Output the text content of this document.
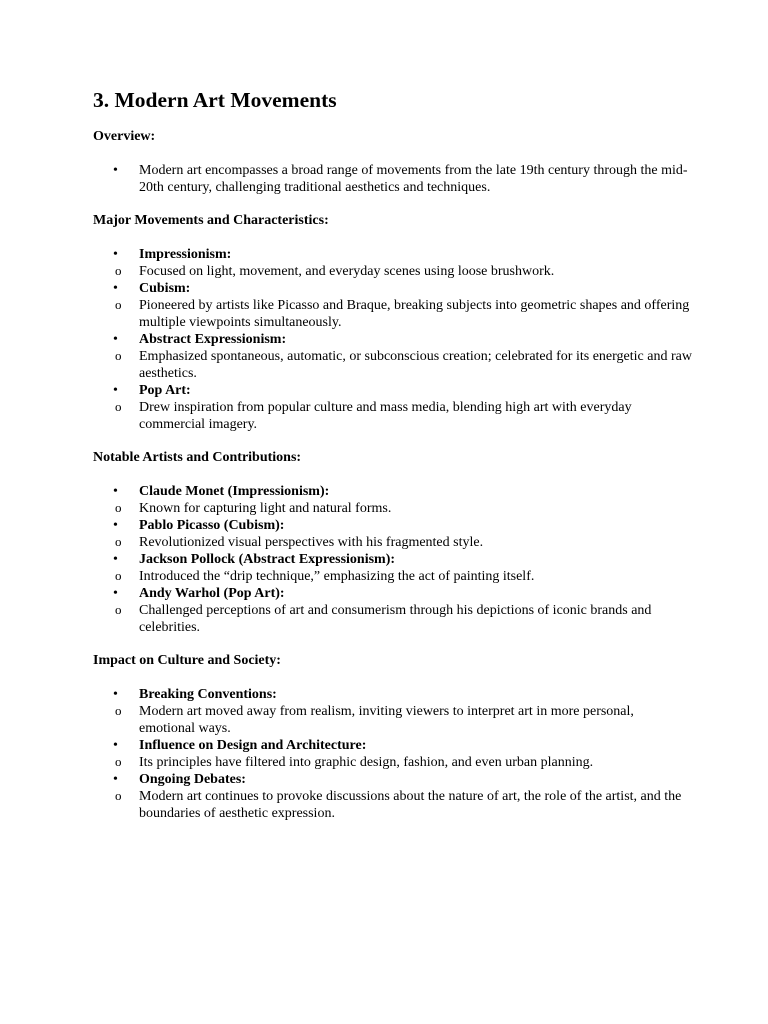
3. Modern Art Movements
Overview:
• Modern art encompasses a broad range of movements from the late 19th century through the mid-20th century, challenging traditional aesthetics and techniques.
Major Movements and Characteristics:
• Impressionism:
o Focused on light, movement, and everyday scenes using loose brushwork.
• Cubism:
o Pioneered by artists like Picasso and Braque, breaking subjects into geometric shapes and offering multiple viewpoints simultaneously.
• Abstract Expressionism:
o Emphasized spontaneous, automatic, or subconscious creation; celebrated for its energetic and raw aesthetics.
• Pop Art:
o Drew inspiration from popular culture and mass media, blending high art with everyday commercial imagery.
Notable Artists and Contributions:
• Claude Monet (Impressionism):
o Known for capturing light and natural forms.
• Pablo Picasso (Cubism):
o Revolutionized visual perspectives with his fragmented style.
• Jackson Pollock (Abstract Expressionism):
o Introduced the “drip technique,” emphasizing the act of painting itself.
• Andy Warhol (Pop Art):
o Challenged perceptions of art and consumerism through his depictions of iconic brands and celebrities.
Impact on Culture and Society:
• Breaking Conventions:
o Modern art moved away from realism, inviting viewers to interpret art in more personal, emotional ways.
• Influence on Design and Architecture:
o Its principles have filtered into graphic design, fashion, and even urban planning.
• Ongoing Debates:
o Modern art continues to provoke discussions about the nature of art, the role of the artist, and the boundaries of aesthetic expression.
